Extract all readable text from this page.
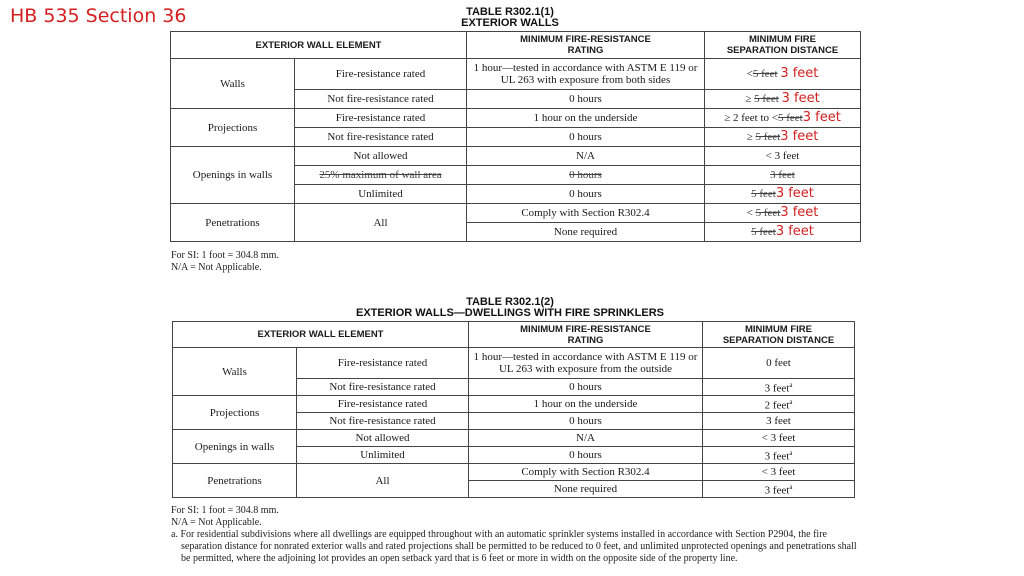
HB 535 Section 36	TABLE R302.1(1)
EXTERIOR WALLS
EXTERIOR WALL ELEMENT		MINIMUM FIRE-RESISTANCE RATING	MINIMUM FIRE SEPARATION DISTANCE
Walls	Fire-resistance rated	1 hour—tested in accordance with ASTM E 119 or UL 263 with exposure from both sides	<5 feet 3 feet
	Not fire-resistance rated	0 hours	≥ 5 feet 3 feet
Projections	Fire-resistance rated	1 hour on the underside	≥ 2 feet to <5 feet3 feet
	Not fire-resistance rated	0 hours	≥ 5 feet3 feet
Openings in walls	Not allowed	N/A	< 3 feet
	25% maximum of wall area	0 hours	3 feet
	Unlimited	0 hours	5 feet3 feet
Penetrations	All	Comply with Section R302.4	< 5 feet3 feet
		None required	5 feet3 feet
For SI: 1 foot = 304.8 mm.
N/A = Not Applicable.
TABLE R302.1(2)
EXTERIOR WALLS—DWELLINGS WITH FIRE SPRINKLERS
EXTERIOR WALL ELEMENT		MINIMUM FIRE-RESISTANCE RATING	MINIMUM FIRE SEPARATION DISTANCE
Walls	Fire-resistance rated	1 hour—tested in accordance with ASTM E 119 or UL 263 with exposure from the outside	0 feet
	Not fire-resistance rated	0 hours	3 feet$^a$
Projections	Fire-resistance rated	1 hour on the underside	2 feet$^a$
	Not fire-resistance rated	0 hours	3 feet
Openings in walls	Not allowed	N/A	< 3 feet
	Unlimited	0 hours	3 feet$^a$
Penetrations	All	Comply with Section R302.4	< 3 feet
		None required	3 feet$^a$
For SI: 1 foot = 304.8 mm.
N/A = Not Applicable.
a. For residential subdivisions where all dwellings are equipped throughout with an automatic sprinkler systems installed in accordance with Section P2904, the fire separation distance for nonrated exterior walls and rated projections shall be permitted to be reduced to 0 feet, and unlimited unprotected openings and penetrations shall be permitted, where the adjoining lot provides an open setback yard that is 6 feet or more in width on the opposite side of the property line.
